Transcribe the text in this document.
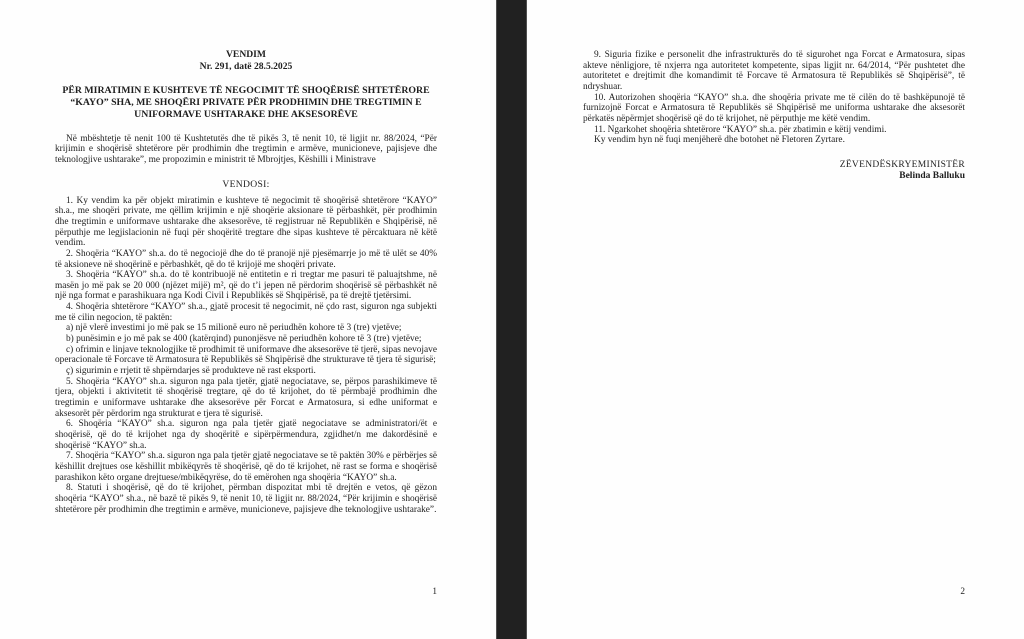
VENDIM
Nr. 291, datë 28.5.2025
PËR MIRATIMIN E KUSHTEVE TË NEGOCIMIT TË SHOQËRISË SHTETËRORE “KAYO” SHA, ME SHOQËRI PRIVATE PËR PRODHIMIN DHE TREGTIMIN E UNIFORMAVE USHTARAKE DHE AKSESORËVE

Në mbështetje të nenit 100 të Kushtetutës dhe të pikës 3, të nenit 10, të ligjit nr. 88/2024, “Për krijimin e shoqërisë shtetërore për prodhimin dhe tregtimin e armëve, municioneve, pajisjeve dhe teknologjive ushtarake”, me propozimin e ministrit të Mbrojtjes, Këshilli i Ministrave

VENDOSI:

1. Ky vendim ka për objekt miratimin e kushteve të negocimit të shoqërisë shtetërore “KAYO” sh.a., me shoqëri private, me qëllim krijimin e një shoqërie aksionare të përbashkët, për prodhimin dhe tregtimin e uniformave ushtarake dhe aksesorëve, të regjistruar në Republikën e Shqipërisë, në përputhje me legjislacionin në fuqi për shoqëritë tregtare dhe sipas kushteve të përcaktuara në këtë vendim.

2. Shoqëria “KAYO” sh.a. do të negociojë dhe do të pranojë një pjesëmarrje jo më të ulët se 40% të aksioneve në shoqërinë e përbashkët, që do të krijojë me shoqëri private.

3. Shoqëria “KAYO” sh.a. do të kontribuojë në entitetin e ri tregtar me pasuri të paluajtshme, në masën jo më pak se 20 000 (njëzet mijë) m², që do t’i jepen në përdorim shoqërisë së përbashkët në një nga format e parashikuara nga Kodi Civil i Republikës së Shqipërisë, pa të drejtë tjetërsimi.

4. Shoqëria shtetërore “KAYO” sh.a., gjatë procesit të negocimit, në çdo rast, siguron nga subjekti me të cilin negocion, të paktën:

a) një vlerë investimi jo më pak se 15 milionë euro në periudhën kohore të 3 (tre) vjetëve;

b) punësimin e jo më pak se 400 (katërqind) punonjësve në periudhën kohore të 3 (tre) vjetëve;

c) ofrimin e linjave teknologjike të prodhimit të uniformave dhe aksesorëve të tjerë, sipas nevojave operacionale të Forcave të Armatosura të Republikës së Shqipërisë dhe strukturave të tjera të sigurisë;

ç) sigurimin e rrjetit të shpërndarjes së produkteve në rast eksporti.

5. Shoqëria “KAYO” sh.a. siguron nga pala tjetër, gjatë negociatave, se, përpos parashikimeve të tjera, objekti i aktivitetit të shoqërisë tregtare, që do të krijohet, do të përmbajë prodhimin dhe tregtimin e uniformave ushtarake dhe aksesorëve për Forcat e Armatosura, si edhe uniformat e aksesorët për përdorim nga strukturat e tjera të sigurisë.

6. Shoqëria “KAYO” sh.a. siguron nga pala tjetër gjatë negociatave se administratori/ët e shoqërisë, që do të krijohet nga dy shoqëritë e sipërpërmendura, zgjidhet/n me dakordësinë e shoqërisë “KAYO” sh.a.

7. Shoqëria “KAYO” sh.a. siguron nga pala tjetër gjatë negociatave se të paktën 30% e përbërjes së këshillit drejtues ose këshillit mbikëqyrës të shoqërisë, që do të krijohet, në rast se forma e shoqërisë parashikon këto organe drejtuese/mbikëqyrëse, do të emërohen nga shoqëria “KAYO” sh.a.

8. Statuti i shoqërisë, që do të krijohet, përmban dispozitat mbi të drejtën e vetos, që gëzon shoqëria “KAYO” sh.a., në bazë të pikës 9, të nenit 10, të ligjit nr. 88/2024, “Për krijimin e shoqërisë shtetërore për prodhimin dhe tregtimin e armëve, municioneve, pajisjeve dhe teknologjive ushtarake”.

1

9. Siguria fizike e personelit dhe infrastrukturës do të sigurohet nga Forcat e Armatosura, sipas akteve nënligjore, të nxjerra nga autoritetet kompetente, sipas ligjit nr. 64/2014, “Për pushtetet dhe autoritetet e drejtimit dhe komandimit të Forcave të Armatosura të Republikës së Shqipërisë”, të ndryshuar.

10. Autorizohen shoqëria “KAYO” sh.a. dhe shoqëria private me të cilën do të bashkëpunojë të furnizojnë Forcat e Armatosura të Republikës së Shqipërisë me uniforma ushtarake dhe aksesorët përkatës nëpërmjet shoqërisë që do të krijohet, në përputhje me këtë vendim.

11. Ngarkohet shoqëria shtetërore “KAYO” sh.a. për zbatimin e këtij vendimi.

Ky vendim hyn në fuqi menjëherë dhe botohet në Fletoren Zyrtare.

ZËVENDËSKRYEMINISTËR
Belinda Balluku
2
